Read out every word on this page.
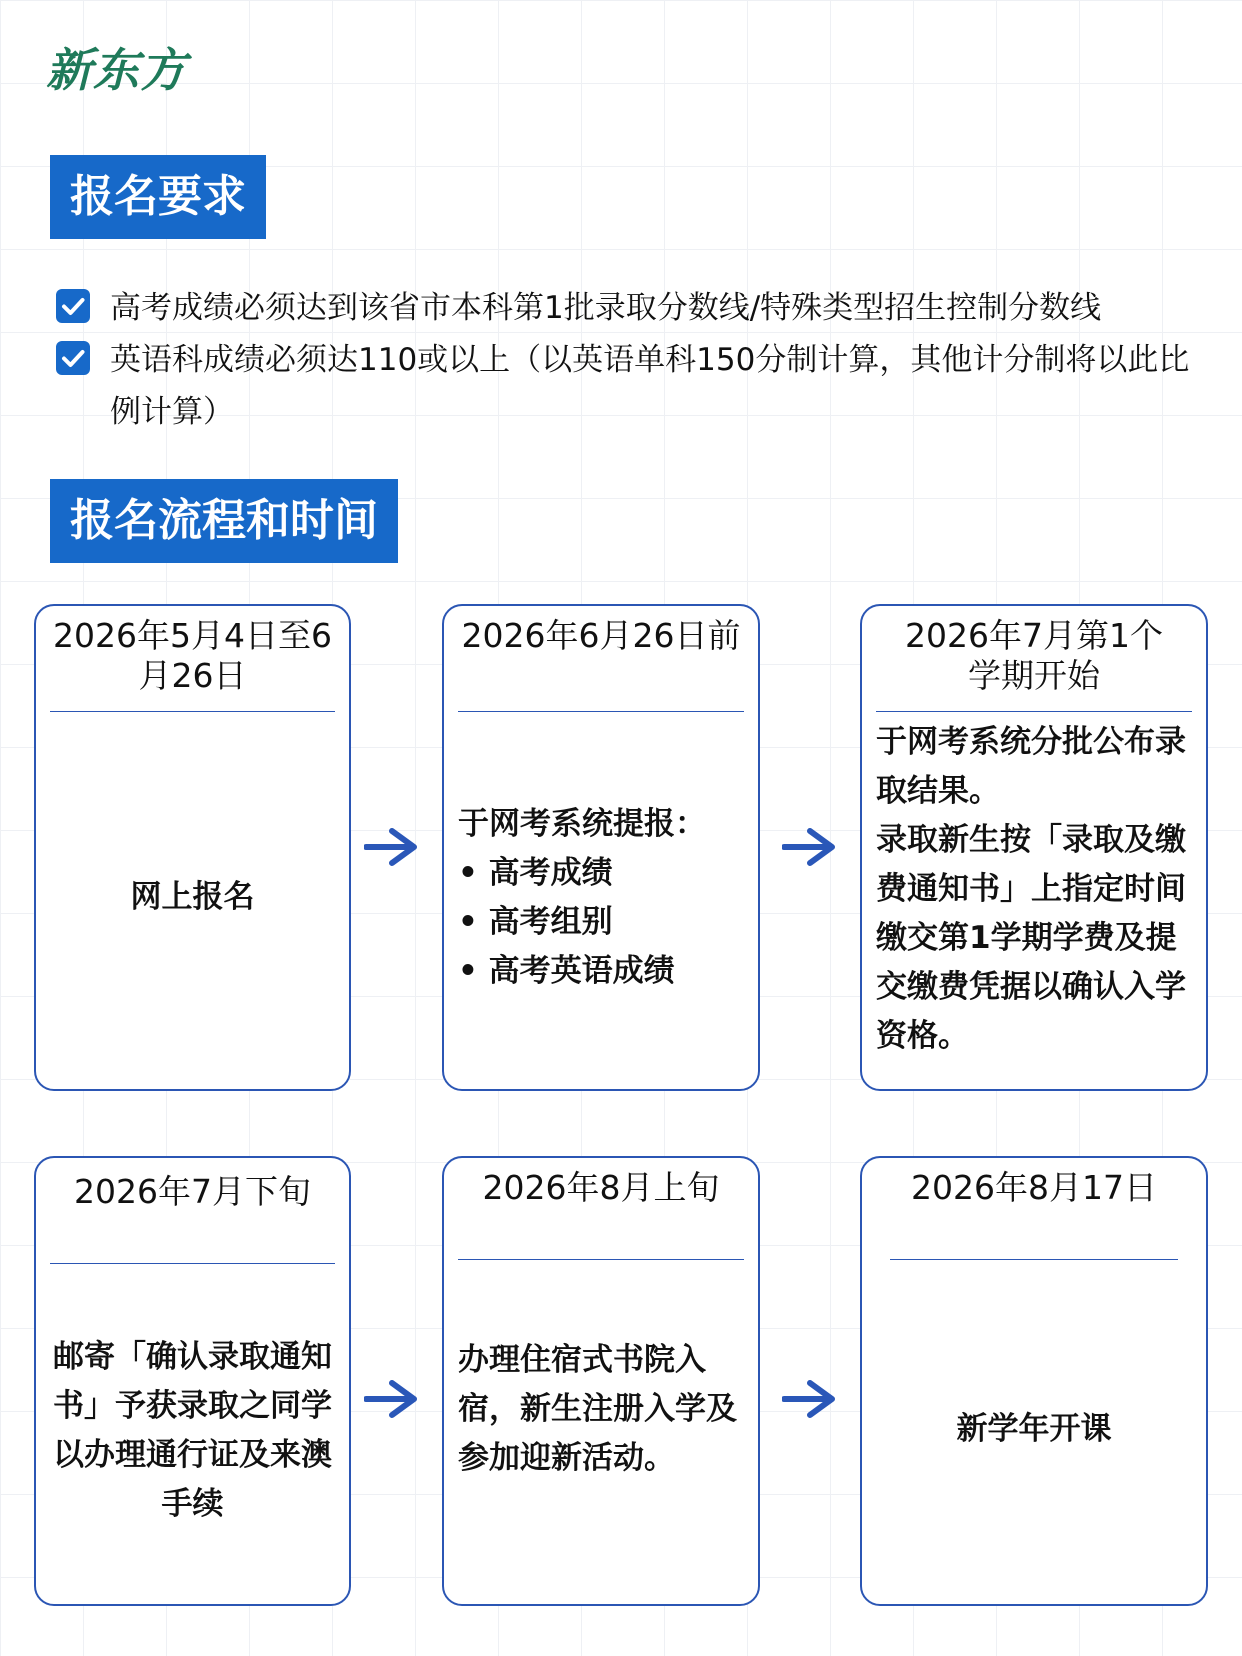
新东方
报名要求
高考成绩必须达到该省市本科第1批录取分数线/特殊类型招生控制分数线
英语科成绩必须达110或以上（以英语单科150分制计算，其他计分制将以此比例计算）
报名流程和时间
2026年5月4日至6月26日
网上报名
2026年6月26日前
于网考系统提报：
• 高考成绩
• 高考组别
• 高考英语成绩
2026年7月第1个学期开始
于网考系统分批公布录取结果。
录取新生按「录取及缴费通知书」上指定时间缴交第1学期学费及提交缴费凭据以确认入学资格。
2026年7月下旬
邮寄「确认录取通知书」予获录取之同学以办理通行证及来澳手续
2026年8月上旬
办理住宿式书院入宿，新生注册入学及参加迎新活动。
2026年8月17日
新学年开课
